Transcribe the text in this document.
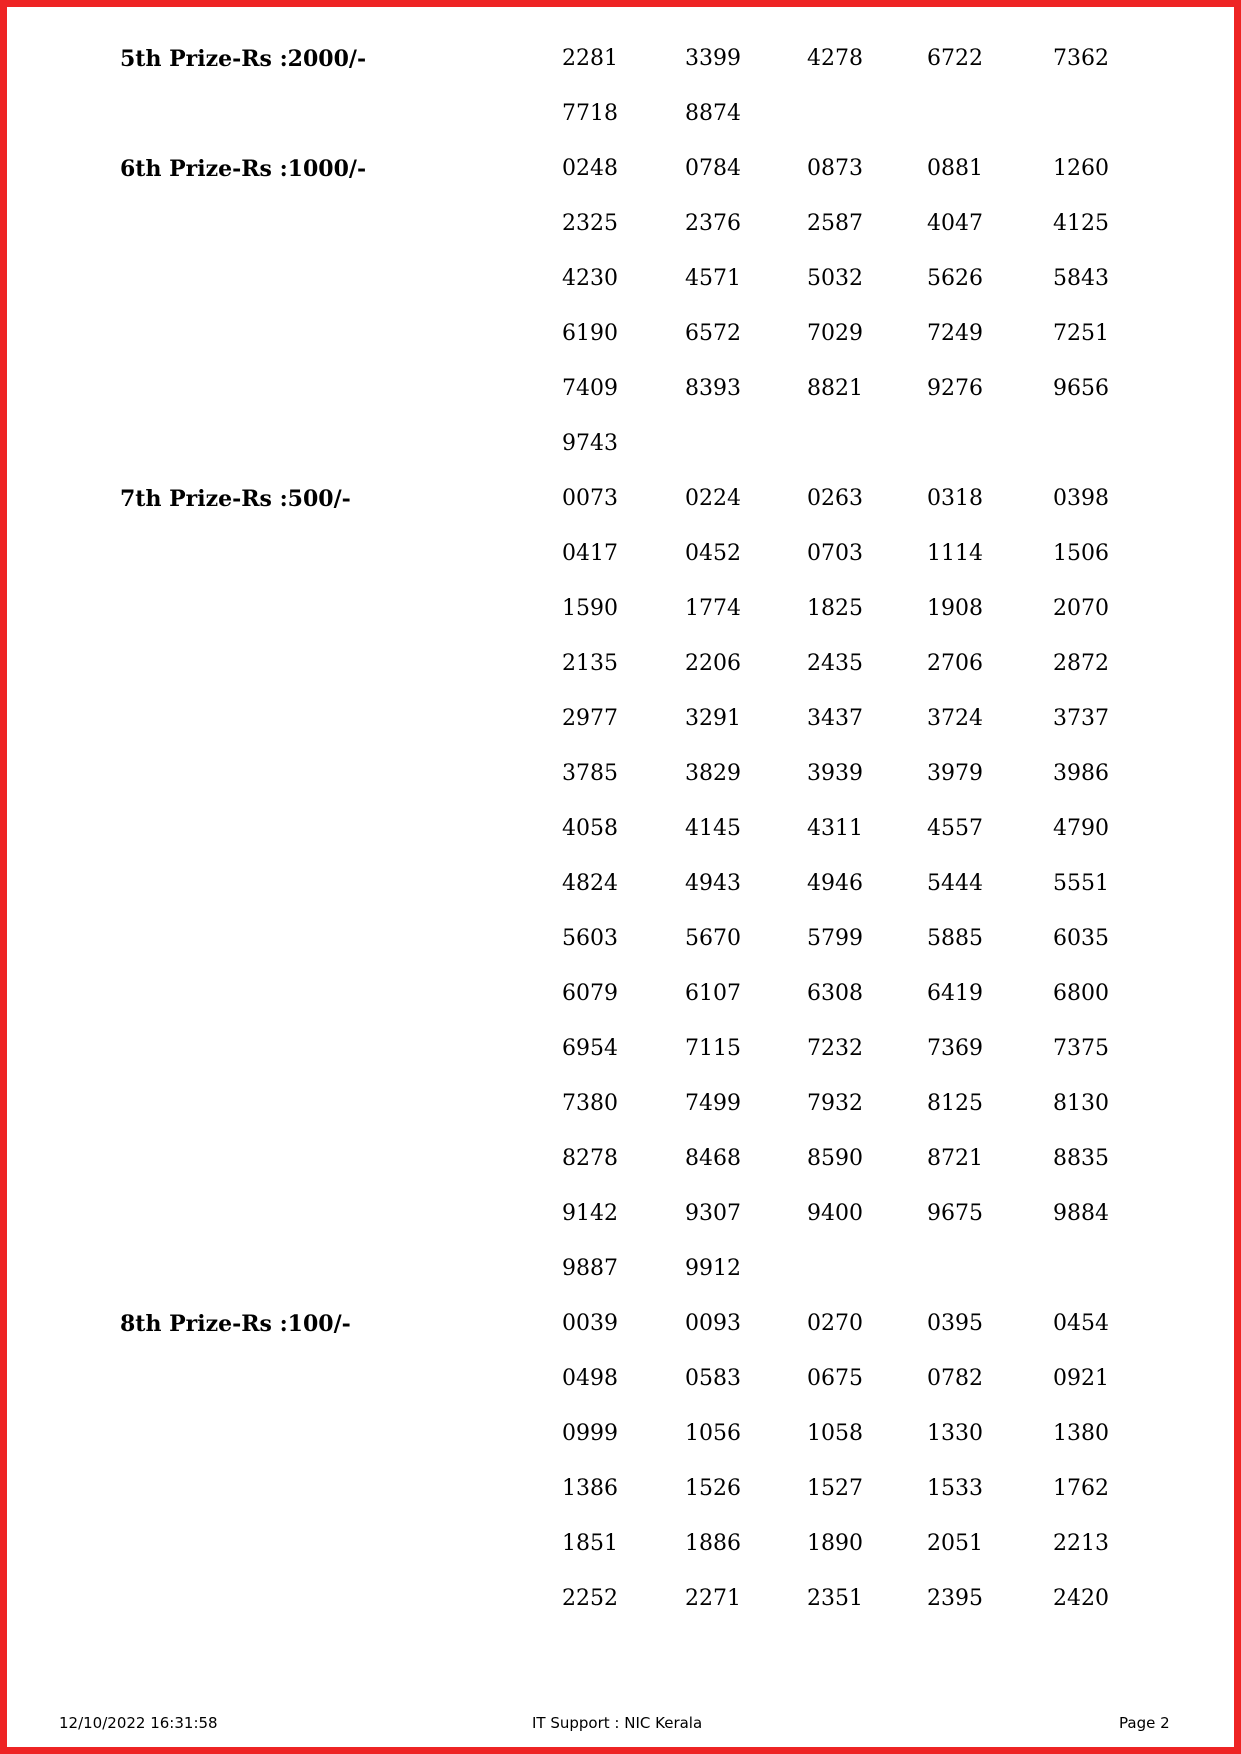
5th Prize-Rs :2000/-	2281	3399	4278	6722	7362
7718	8874
6th Prize-Rs :1000/-	0248	0784	0873	0881	1260
2325	2376	2587	4047	4125
4230	4571	5032	5626	5843
6190	6572	7029	7249	7251
7409	8393	8821	9276	9656
9743
7th Prize-Rs :500/-	0073	0224	0263	0318	0398
0417	0452	0703	1114	1506
1590	1774	1825	1908	2070
2135	2206	2435	2706	2872
2977	3291	3437	3724	3737
3785	3829	3939	3979	3986
4058	4145	4311	4557	4790
4824	4943	4946	5444	5551
5603	5670	5799	5885	6035
6079	6107	6308	6419	6800
6954	7115	7232	7369	7375
7380	7499	7932	8125	8130
8278	8468	8590	8721	8835
9142	9307	9400	9675	9884
9887	9912
8th Prize-Rs :100/-	0039	0093	0270	0395	0454
0498	0583	0675	0782	0921
0999	1056	1058	1330	1380
1386	1526	1527	1533	1762
1851	1886	1890	2051	2213
2252	2271	2351	2395	2420
12/10/2022 16:31:58	IT Support : NIC Kerala	Page 2
